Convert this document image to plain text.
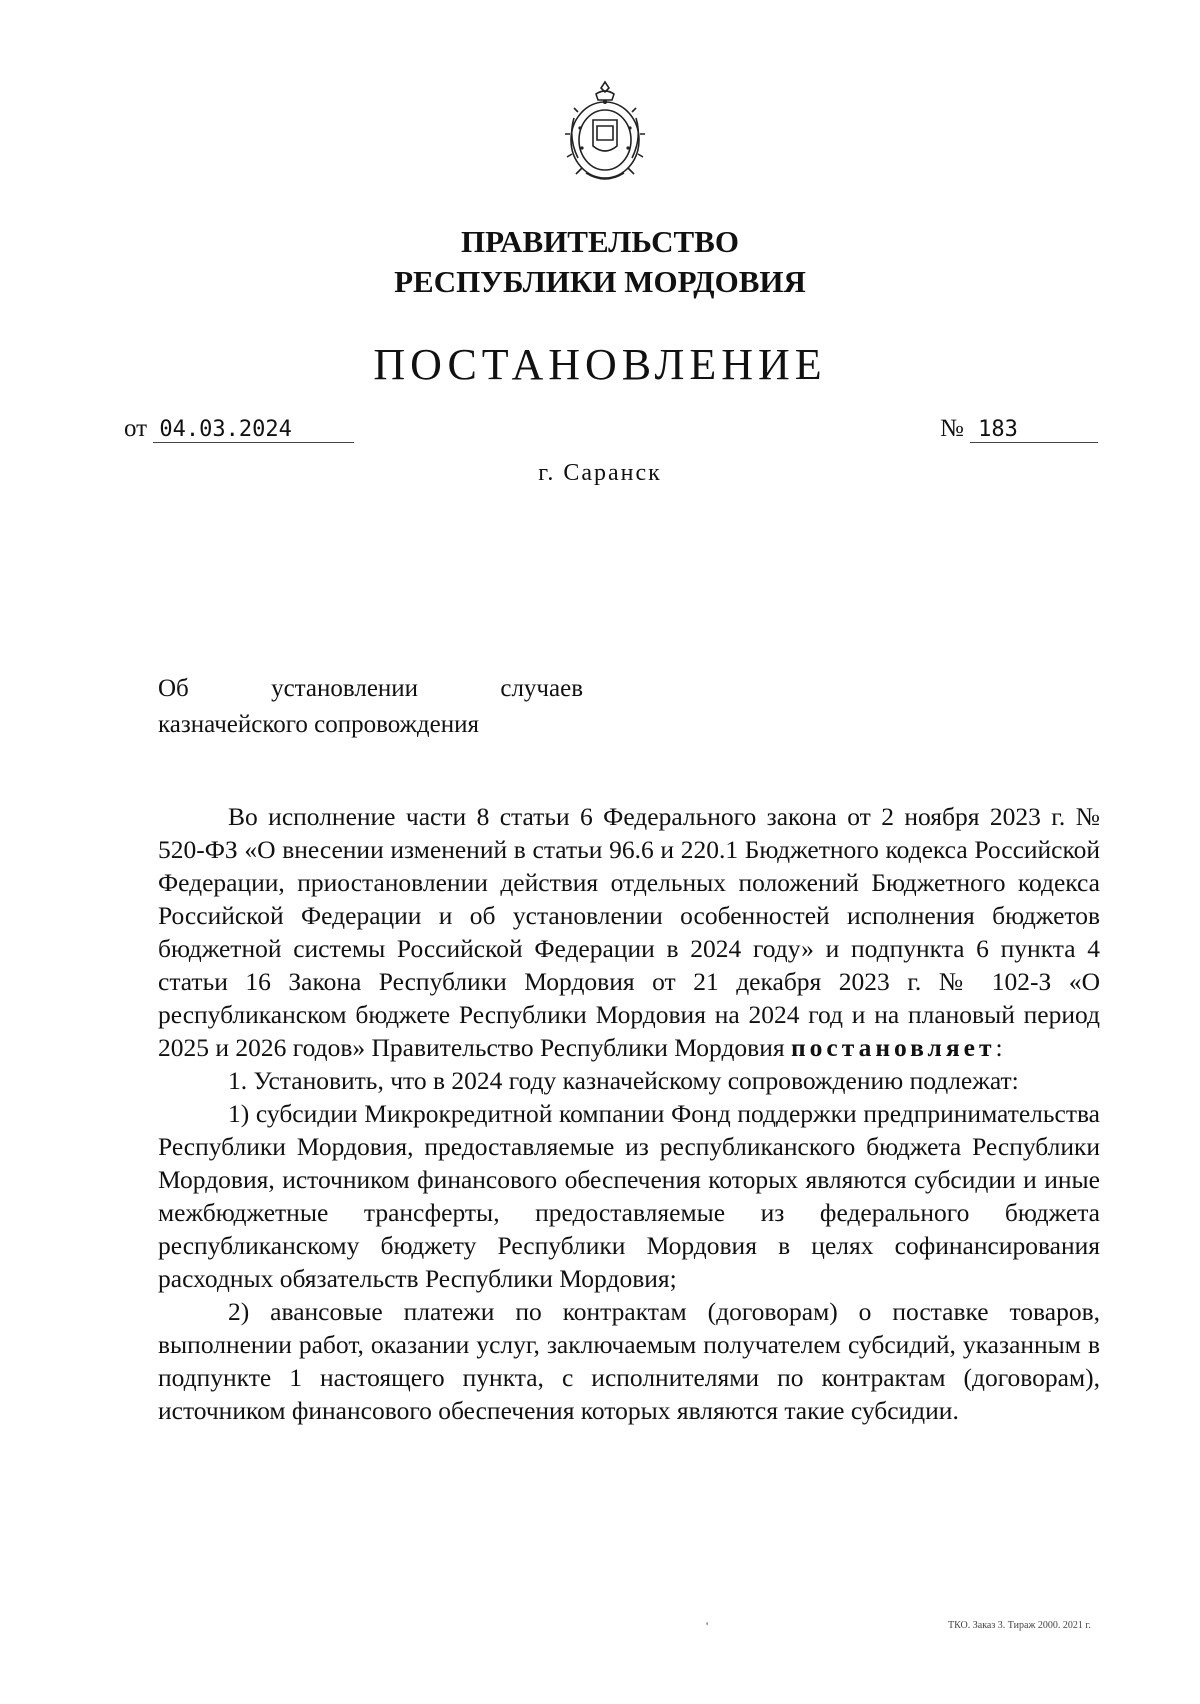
ПРАВИТЕЛЬСТВО
РЕСПУБЛИКИ МОРДОВИЯ
ПОСТАНОВЛЕНИЕ
от 04.03.2024	№ 183
г. Саранск
Об установлении случаев
казначейского сопровождения

Во исполнение части 8 статьи 6 Федерального закона от 2 ноября 2023 г. № 520-ФЗ «О внесении изменений в статьи 96.6 и 220.1 Бюджетного кодекса Российской Федерации, приостановлении действия отдельных положений Бюджетного кодекса Российской Федерации и об установлении особенностей исполнения бюджетов бюджетной системы Российской Федерации в 2024 году» и подпункта 6 пункта 4 статьи 16 Закона Республики Мордовия от 21 декабря 2023 г. № 102-З «О республиканском бюджете Республики Мордовия на 2024 год и на плановый период 2025 и 2026 годов» Правительство Республики Мордовия постановляет:

1. Установить, что в 2024 году казначейскому сопровождению подлежат:

1) субсидии Микрокредитной компании Фонд поддержки предпринимательства Республики Мордовия, предоставляемые из республиканского бюджета Республики Мордовия, источником финансового обеспечения которых являются субсидии и иные межбюджетные трансферты, предоставляемые из федерального бюджета республиканскому бюджету Республики Мордовия в целях софинансирования расходных обязательств Республики Мордовия;

2) авансовые платежи по контрактам (договорам) о поставке товаров, выполнении работ, оказании услуг, заключаемым получателем субсидий, указанным в подпункте 1 настоящего пункта, с исполнителями по контрактам (договорам), источником финансового обеспечения которых являются такие субсидии.

'	ТКО. Заказ 3. Тираж 2000. 2021 г.
